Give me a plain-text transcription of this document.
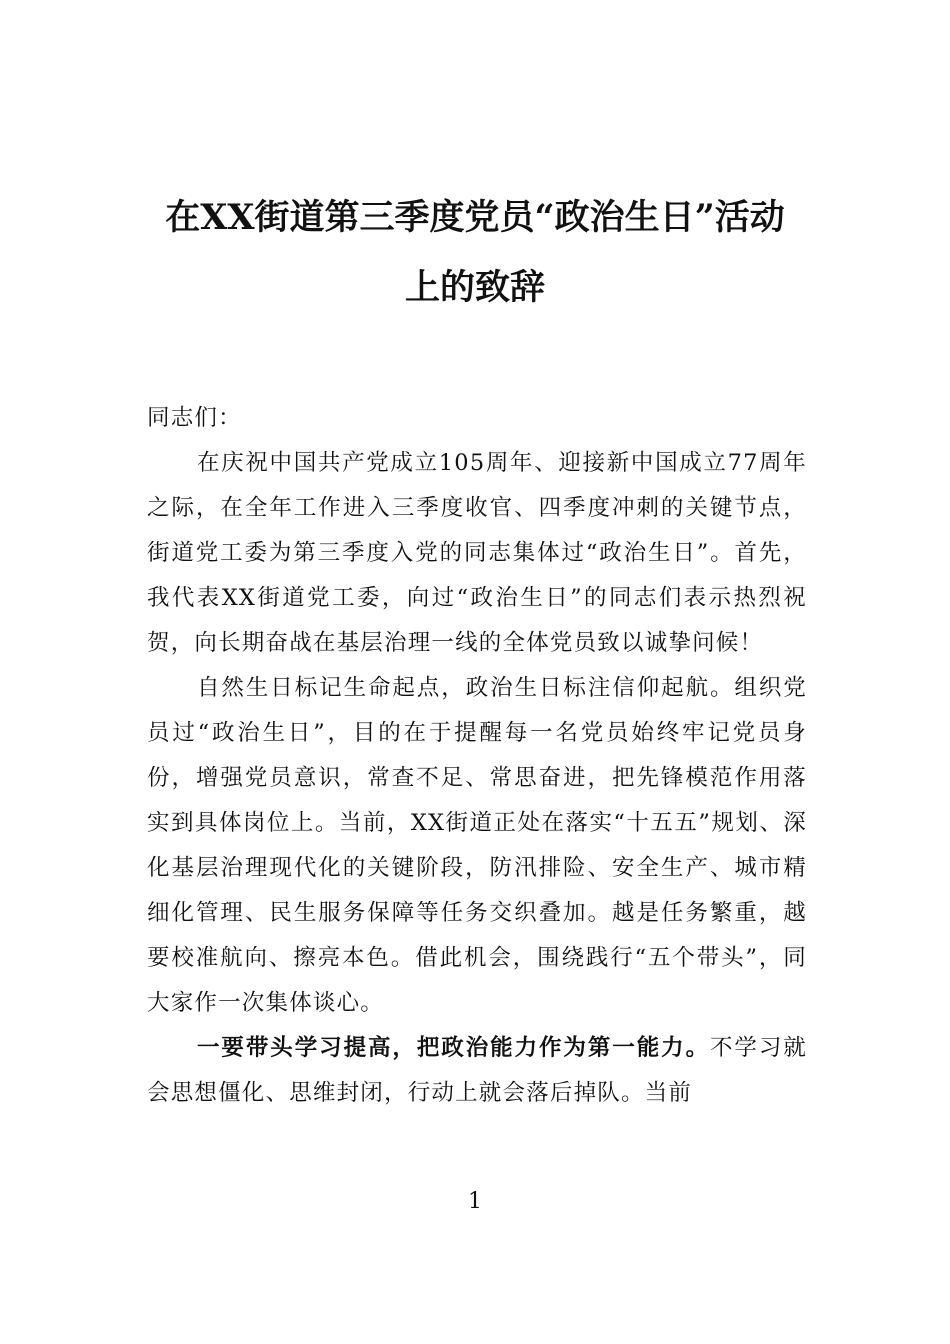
在XX街道第三季度党员“政治生日”活动
上的致辞

同志们：

在庆祝中国共产党成立105周年、迎接新中国成立77周年之际，在全年工作进入三季度收官、四季度冲刺的关键节点，街道党工委为第三季度入党的同志集体过“政治生日”。首先，我代表XX街道党工委，向过“政治生日”的同志们表示热烈祝贺，向长期奋战在基层治理一线的全体党员致以诚挚问候！

自然生日标记生命起点，政治生日标注信仰起航。组织党员过“政治生日”，目的在于提醒每一名党员始终牢记党员身份，增强党员意识，常查不足、常思奋进，把先锋模范作用落实到具体岗位上。当前，XX街道正处在落实“十五五”规划、深化基层治理现代化的关键阶段，防汛排险、安全生产、城市精细化管理、民生服务保障等任务交织叠加。越是任务繁重，越要校准航向、擦亮本色。借此机会，围绕践行“五个带头”，同大家作一次集体谈心。

一要带头学习提高，把政治能力作为第一能力。不学习就会思想僵化、思维封闭，行动上就会落后掉队。当前

1
